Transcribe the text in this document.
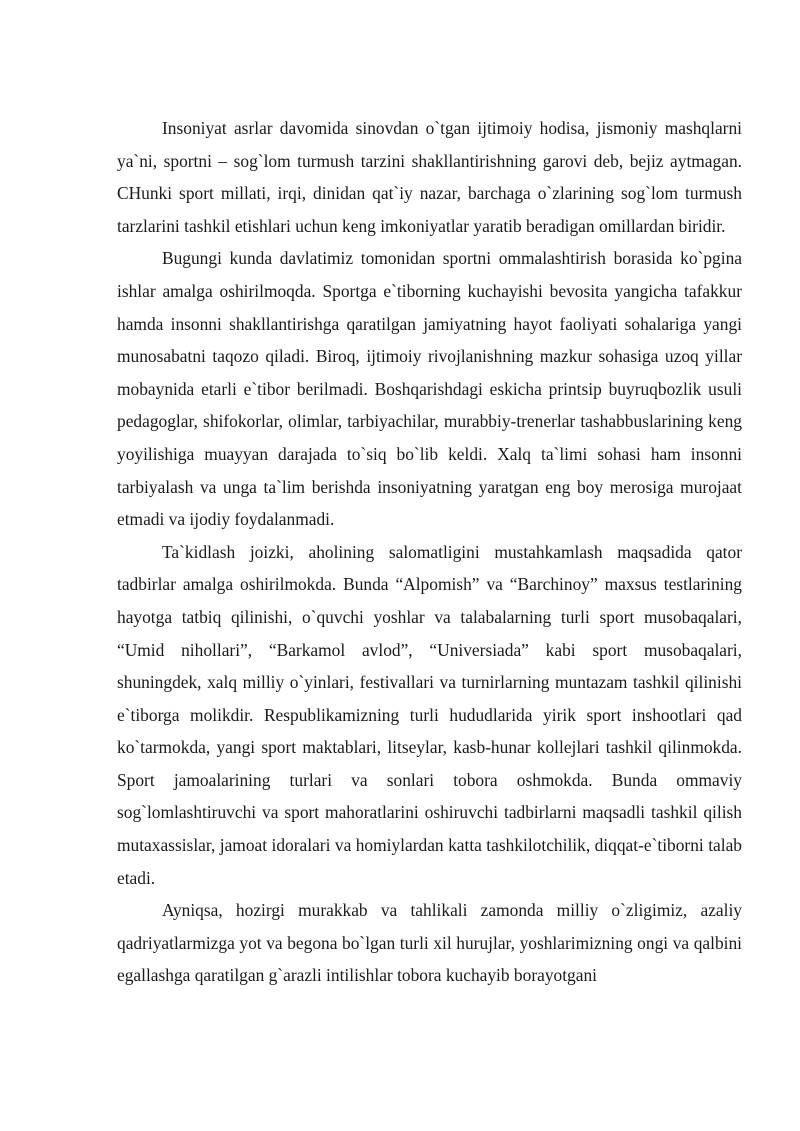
Insoniyat asrlar davomida sinovdan o`tgan ijtimoiy hodisa, jismoniy mashqlarni ya`ni, sportni – sog`lom turmush tarzini shakllantirishning garovi deb, bejiz aytmagan. CHunki sport millati, irqi, dinidan qat`iy nazar, barchaga o`zlarining sog`lom turmush tarzlarini tashkil etishlari uchun keng imkoniyatlar yaratib beradigan omillardan biridir.

Bugungi kunda davlatimiz tomonidan sportni ommalashtirish borasida ko`pgina ishlar amalga oshirilmoqda. Sportga e`tiborning kuchayishi bevosita yangicha tafakkur hamda insonni shakllantirishga qaratilgan jamiyatning hayot faoliyati sohalariga yangi munosabatni taqozo qiladi. Biroq, ijtimoiy rivojlanishning mazkur sohasiga uzoq yillar mobaynida etarli e`tibor berilmadi. Boshqarishdagi eskicha printsip buyruqbozlik usuli pedagoglar, shifokorlar, olimlar, tarbiyachilar, murabbiy-trenerlar tashabbuslarining keng yoyilishiga muayyan darajada to`siq bo`lib keldi. Xalq ta`limi sohasi ham insonni tarbiyalash va unga ta`lim berishda insoniyatning yaratgan eng boy merosiga murojaat etmadi va ijodiy foydalanmadi.

Ta`kidlash joizki, aholining salomatligini mustahkamlash maqsadida qator tadbirlar amalga oshirilmokda. Bunda “Alpomish” va “Barchinoy” maxsus testlarining hayotga tatbiq qilinishi, o`quvchi yoshlar va talabalarning turli sport musobaqalari, “Umid nihollari”, “Barkamol avlod”, “Universiada” kabi sport musobaqalari, shuningdek, xalq milliy o`yinlari, festivallari va turnirlarning muntazam tashkil qilinishi e`tiborga molikdir. Respublikamizning turli hududlarida yirik sport inshootlari qad ko`tarmokda, yangi sport maktablari, litseylar, kasb-hunar kollejlari tashkil qilinmokda. Sport jamoalarining turlari va sonlari tobora oshmokda. Bunda ommaviy sog`lomlashtiruvchi va sport mahoratlarini oshiruvchi tadbirlarni maqsadli tashkil qilish mutaxassislar, jamoat idoralari va homiylardan katta tashkilotchilik, diqqat-e`tiborni talab etadi.

Ayniqsa, hozirgi murakkab va tahlikali zamonda milliy o`zligimiz, azaliy qadriyatlarmizga yot va begona bo`lgan turli xil hurujlar, yoshlarimizning ongi va qalbini egallashga qaratilgan g`arazli intilishlar tobora kuchayib borayotgani
